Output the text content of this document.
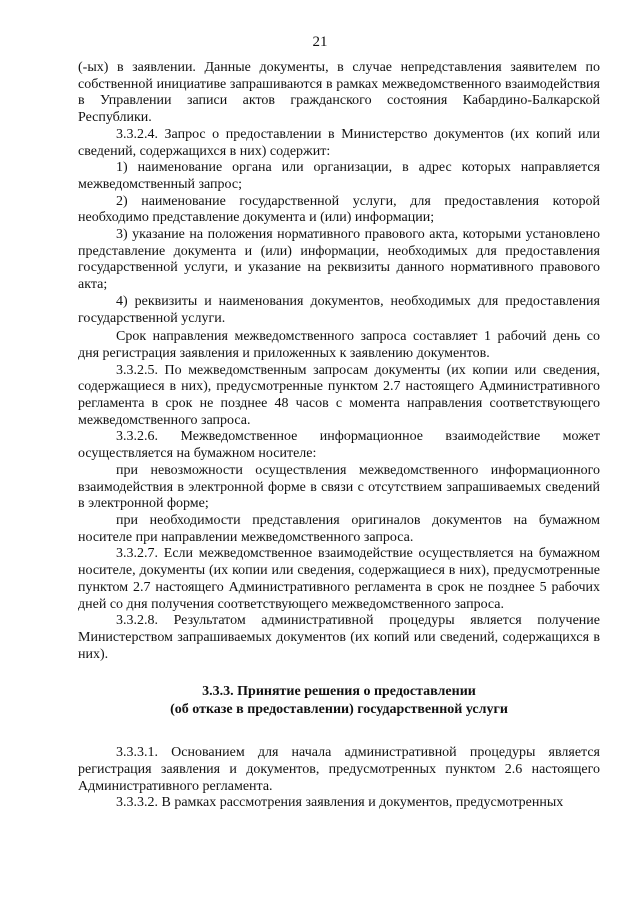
21
(-ых) в заявлении. Данные документы, в случае непредставления заявителем по собственной инициативе запрашиваются в рамках межведомственного взаимодействия в Управлении записи актов гражданского состояния Кабардино-Балкарской Республики.
3.3.2.4. Запрос о предоставлении в Министерство документов (их копий или сведений, содержащихся в них) содержит:
1) наименование органа или организации, в адрес которых направляется межведомственный запрос;
2) наименование государственной услуги, для предоставления которой необходимо представление документа и (или) информации;
3) указание на положения нормативного правового акта, которыми установлено представление документа и (или) информации, необходимых для предоставления государственной услуги, и указание на реквизиты данного нормативного правового акта;
4) реквизиты и наименования документов, необходимых для предоставления государственной услуги.
Срок направления межведомственного запроса составляет 1 рабочий день со дня регистрация заявления и приложенных к заявлению документов.
3.3.2.5. По межведомственным запросам документы (их копии или сведения, содержащиеся в них), предусмотренные пунктом 2.7 настоящего Административного регламента в срок не позднее 48 часов с момента направления соответствующего межведомственного запроса.
3.3.2.6. Межведомственное информационное взаимодействие может осуществляется на бумажном носителе:
при невозможности осуществления межведомственного информационного взаимодействия в электронной форме в связи с отсутствием запрашиваемых сведений в электронной форме;
при необходимости представления оригиналов документов на бумажном носителе при направлении межведомственного запроса.
3.3.2.7. Если межведомственное взаимодействие осуществляется на бумажном носителе, документы (их копии или сведения, содержащиеся в них), предусмотренные пунктом 2.7 настоящего Административного регламента в срок не позднее 5 рабочих дней со дня получения соответствующего межведомственного запроса.
3.3.2.8. Результатом административной процедуры является получение Министерством запрашиваемых документов (их копий или сведений, содержащихся в них).
3.3.3. Принятие решения о предоставлении
(об отказе в предоставлении) государственной услуги
3.3.3.1. Основанием для начала административной процедуры является регистрация заявления и документов, предусмотренных пунктом 2.6 настоящего Административного регламента.
3.3.3.2. В рамках рассмотрения заявления и документов, предусмотренных
